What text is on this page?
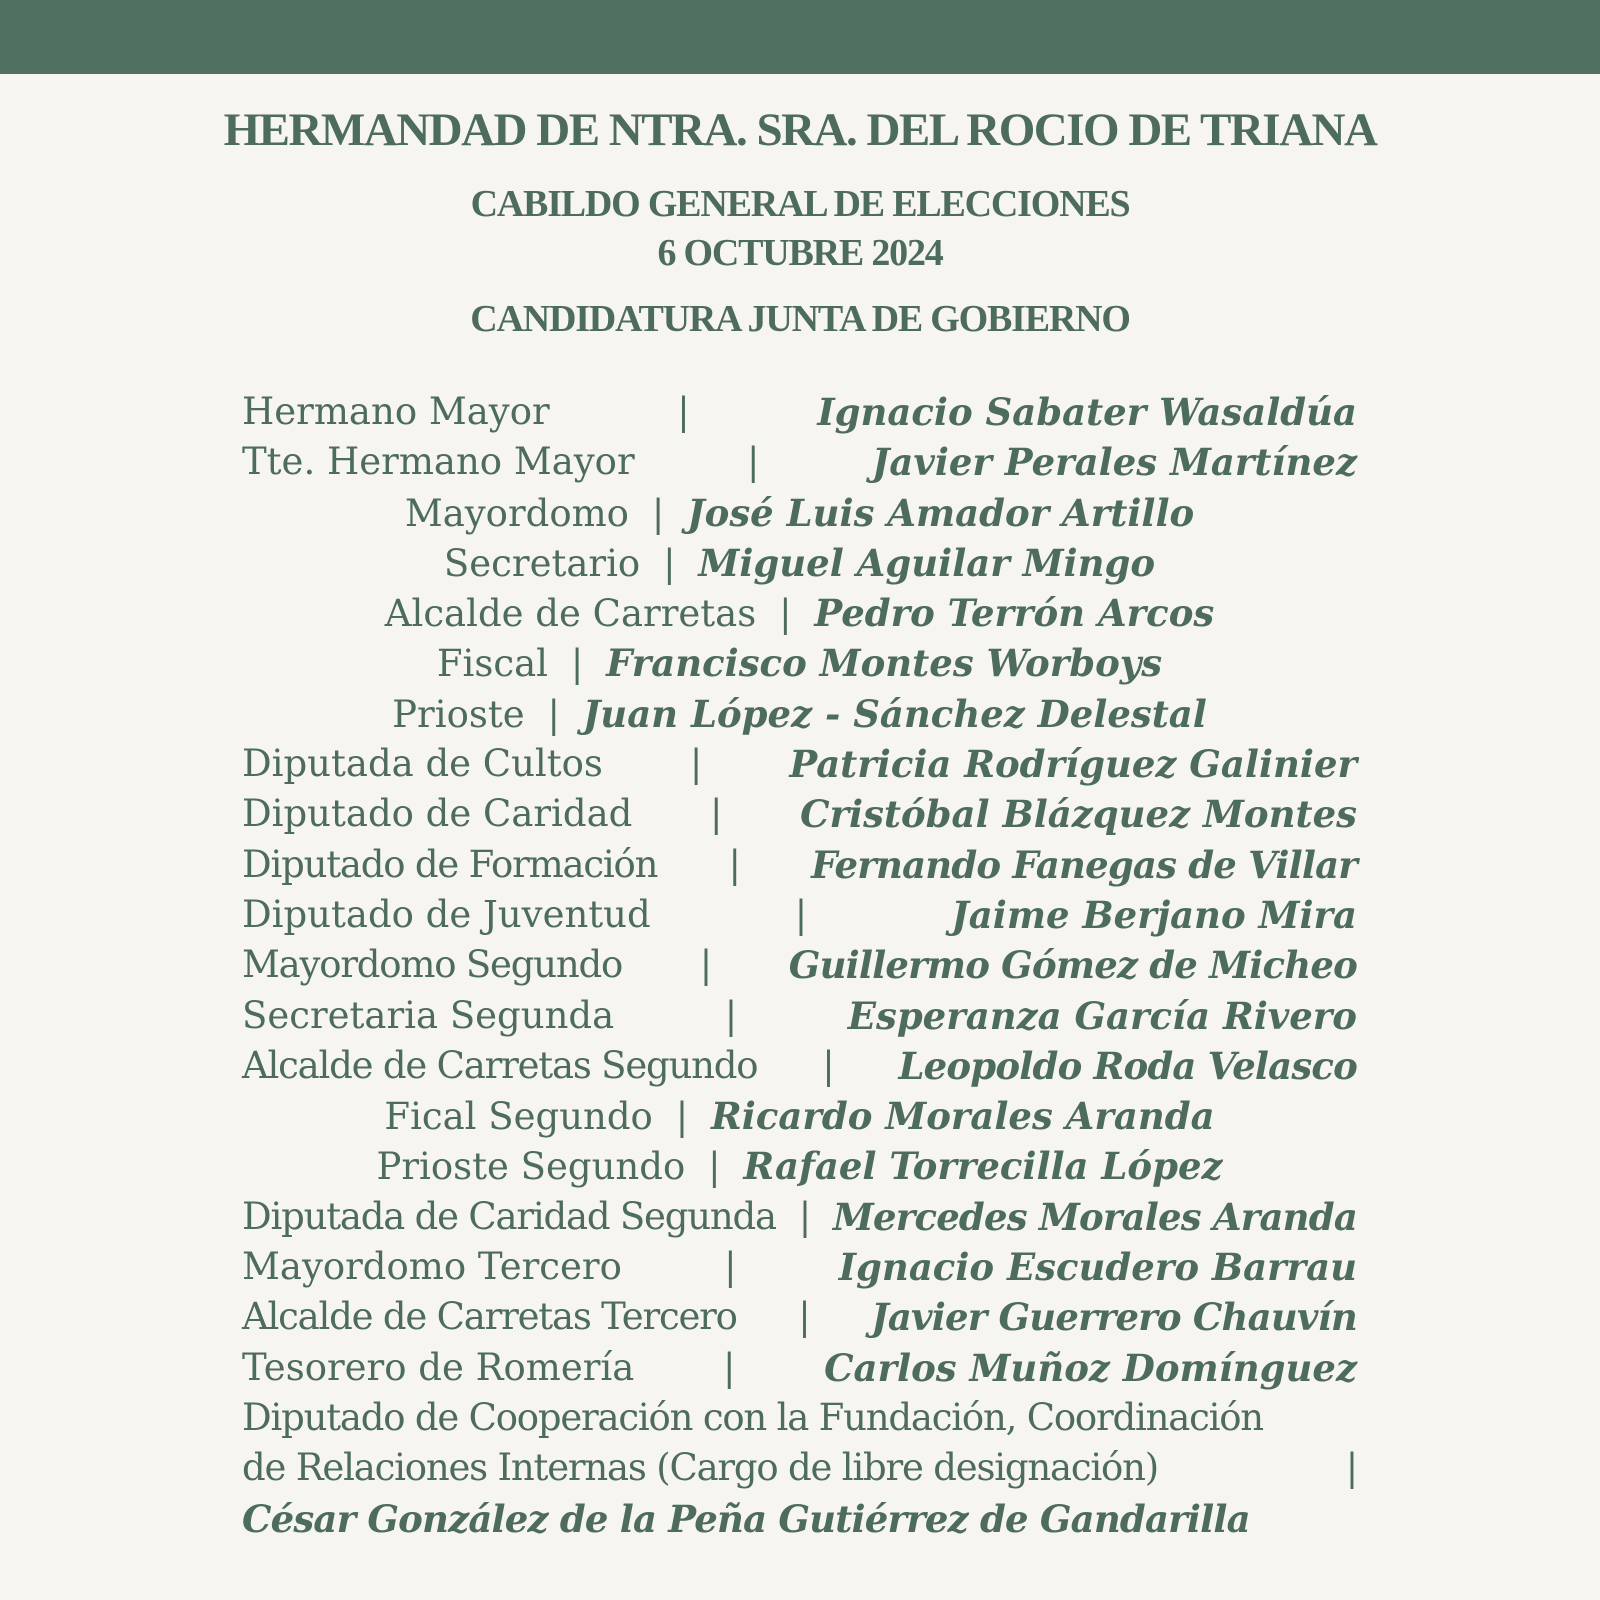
HERMANDAD DE NTRA. SRA. DEL ROCIO DE TRIANA

CABILDO GENERAL DE ELECCIONES

6 OCTUBRE 2024

CANDIDATURA JUNTA DE GOBIERNO
Hermano Mayor	|	Ignacio Sabater Wasaldúa
Tte. Hermano Mayor	|	Javier Perales Martínez
Mayordomo | José Luis Amador Artillo
Secretario | Miguel Aguilar Mingo
Alcalde de Carretas | Pedro Terrón Arcos
Fiscal | Francisco Montes Worboys
Prioste | Juan López - Sánchez Delestal
Diputada de Cultos | Patricia Rodríguez Galinier
Diputado de Caridad | Cristóbal Blázquez Montes
Diputado de Formación | Fernando Fanegas de Villar
Diputado de Juventud	|	Jaime Berjano Mira
Mayordomo Segundo | Guillermo Gómez de Micheo
Secretaria Segunda	|	Esperanza García Rivero
Alcalde de Carretas Segundo | Leopoldo Roda Velasco
Fical Segundo | Ricardo Morales Aranda
Prioste Segundo | Rafael Torrecilla López
Diputada de Caridad Segunda | Mercedes Morales Aranda
Mayordomo Tercero	|	Ignacio Escudero Barrau
Alcalde de Carretas Tercero | Javier Guerrero Chauvín
Tesorero de Romería | Carlos Muñoz Domínguez
Diputado de Cooperación con la Fundación, Coordinación
de Relaciones Internas (Cargo de libre designación)	|
César González de la Peña Gutiérrez de Gandarilla
